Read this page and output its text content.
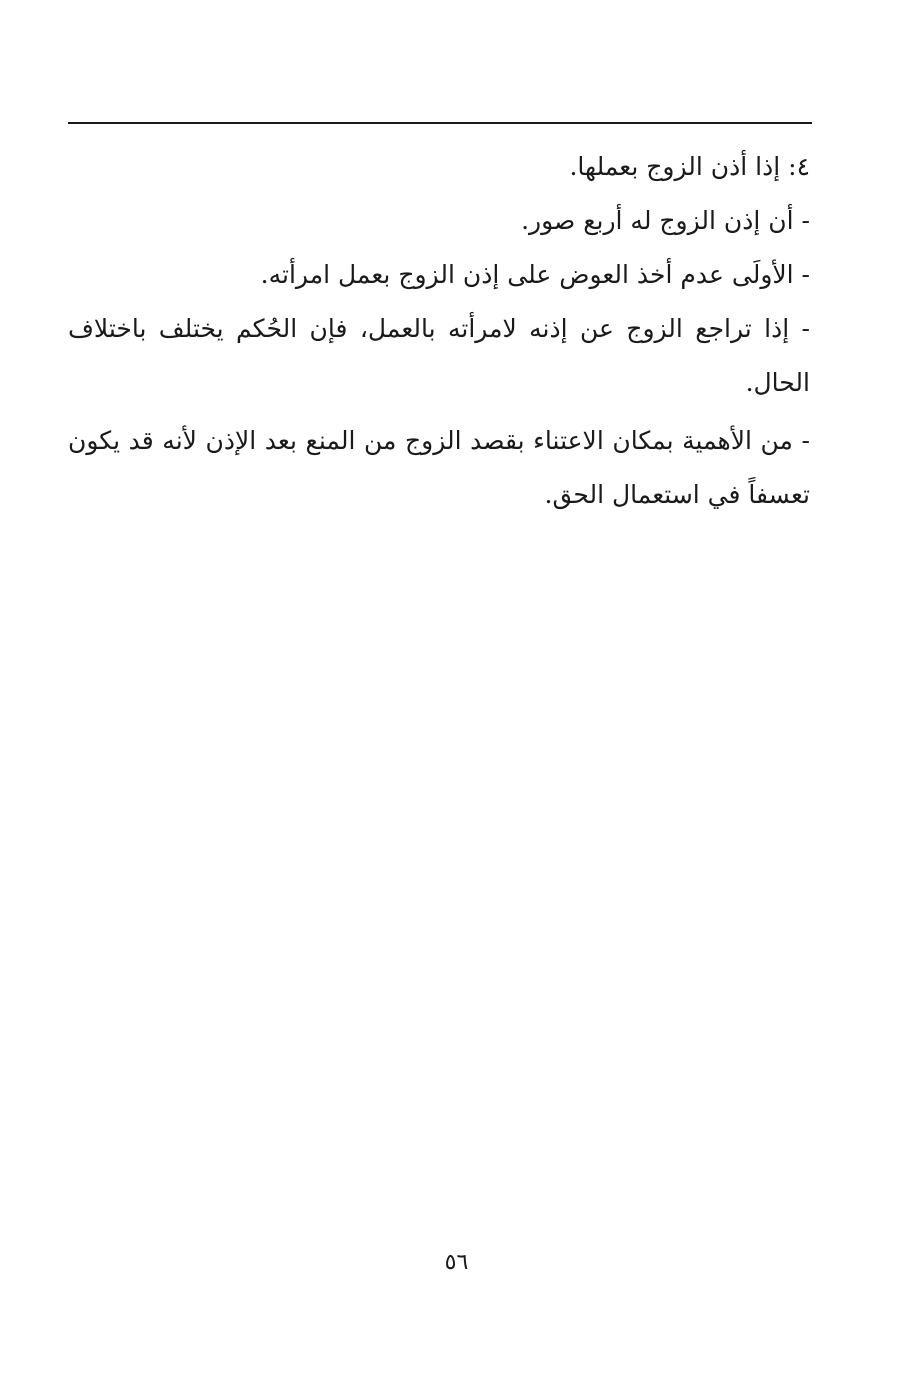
٤: إذا أذن الزوج بعملها.

- أن إذن الزوج له أربع صور.

- الأولَى عدم أخذ العوض على إذن الزوج بعمل امرأته.

- إذا تراجع الزوج عن إذنه لامرأته بالعمل، فإن الحُكم يختلف باختلاف الحال.

- من الأهمية بمكان الاعتناء بقصد الزوج من المنع بعد الإذن لأنه قد يكون تعسفاً في استعمال الحق.

٥٦
